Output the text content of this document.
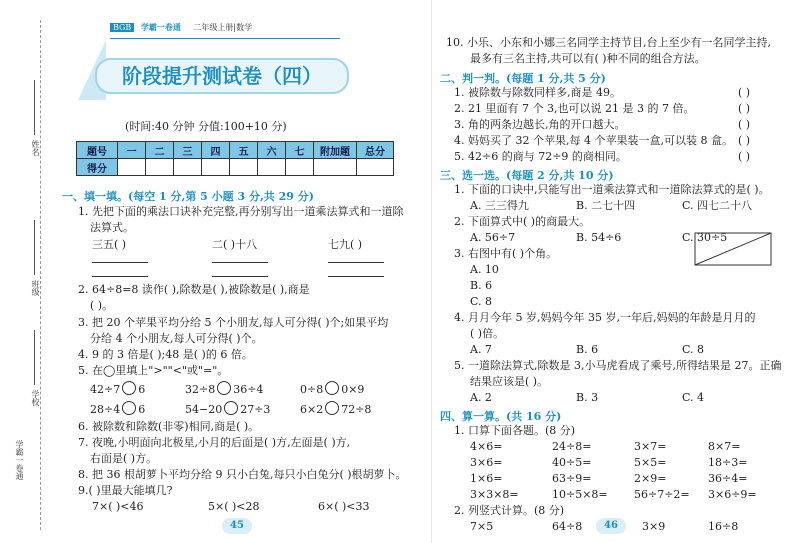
姓名
班级
学校
学霸一卷通
BGB 学霸一卷通 二年级上册|数学
阶段提升测试卷（四）
(时间:40 分钟 分值:100+10 分)
题号	一	二	三	四	五	六	七	附加题	总分
得分									
一、填一填。(每空 1 分,第 5 小题 3 分,共 29 分)
1. 先把下面的乘法口诀补充完整,再分别写出一道乘法算式和一道除
法算式。
三五( )	二( )十八	七九( )
2. 64÷8=8 读作( ),除数是( ),被除数是( ),商是
( )。
3. 把 20 个苹果平均分给 5 个小朋友,每人可分得( )个;如果平均
分给 4 个小朋友,每人可分得( )个。
4. 9 的 3 倍是( );48 是( )的 6 倍。
5. 在◯里填上">""<"或"="。
42÷7 6	32÷8 36÷4	0÷8 0×9
28÷4 6	54−20 27÷3	6×2 72÷8
6. 被除数和除数(非零)相同,商是( )。
7. 夜晚,小明面向北极星,小月的后面是( )方,左面是( )方,
右面是( )方。
8. 把 36 根胡萝卜平均分给 9 只小白兔,每只小白兔分( )根胡萝卜。
9.( )里最大能填几?
7×( )<46	5×( )<28	6×( )<33
45
10. 小乐、小东和小娜三名同学主持节目,台上至少有一名同学主持,
最多有三名主持,共可以有( )种不同的组合方法。
二、判一判。(每题 1 分,共 5 分)
1. 被除数与除数同样多,商是 49。
2. 21 里面有 7 个 3,也可以说 21 是 3 的 7 倍。
3. 角的两条边越长,角的开口越大。
4. 妈妈买了 32 个苹果,每 4 个苹果装一盒,可以装 8 盒。
5. 42÷6 的商与 72÷9 的商相同。
( )
( )
( )
( )
( )
三、选一选。(每题 2 分,共 10 分)
1. 下面的口诀中,只能写出一道乘法算式和一道除法算式的是( )。
A. 三三得九	B. 二七十四	C. 四七二十八
2. 下面算式中( )的商最大。
A. 56÷7	B. 54÷6	C. 30÷5
3. 右图中有( )个角。
A. 10
B. 6
C. 8
4. 月月今年 5 岁,妈妈今年 35 岁,一年后,妈妈的年龄是月月的
( )倍。
A. 7	B. 6	C. 8
5. 一道除法算式,除数是 3,小马虎看成了乘号,所得结果是 27。正确
结果应该是( )。
A. 2	B. 3	C. 4
四、算一算。(共 16 分)
1. 口算下面各题。(8 分)
4×6=	24÷8=	3×7=	8×7=
3×6=	40÷5=	5×5=	18÷3=
1×6=	63÷9=	2×9=	36÷4=
3×3×8=	10÷5×8= 56÷7÷2= 3×6÷9=
2. 列竖式计算。(8 分)
7×5	64÷8	3×9	16÷8
46
